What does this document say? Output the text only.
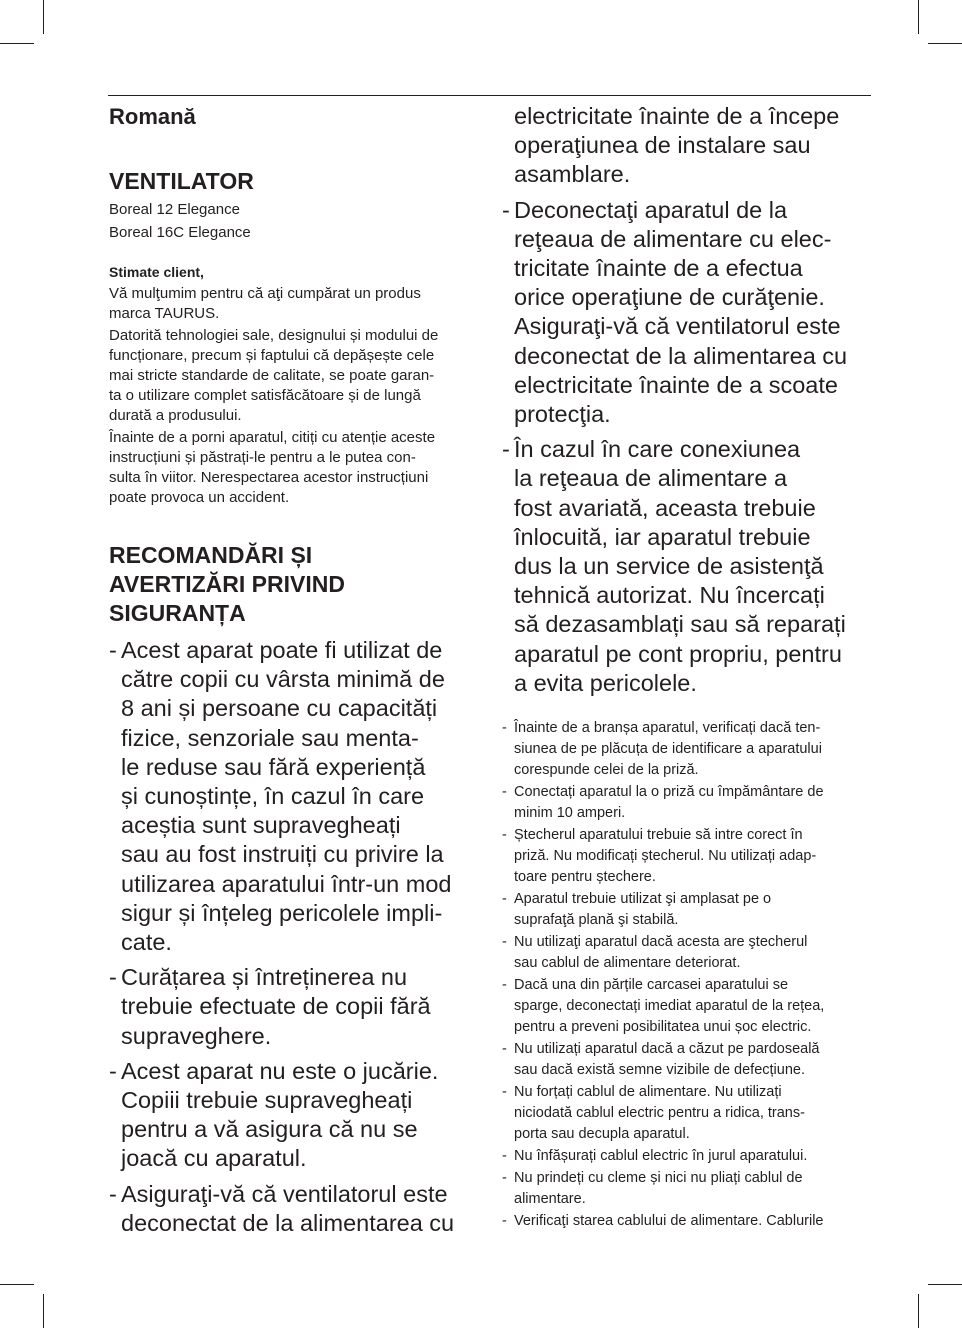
Romană
VENTILATOR
Boreal 12 Elegance
Boreal 16C Elegance
Stimate client,

Vă mulţumim pentru că aţi cumpărat un produs
marca TAURUS.

Datorită tehnologiei sale, designului și modului de
funcționare, precum și faptului că depășește cele
mai stricte standarde de calitate, se poate garan-
ta o utilizare complet satisfăcătoare și de lungă
durată a produsului.

Înainte de a porni aparatul, citiți cu atenție aceste
instrucțiuni și păstrați-le pentru a le putea con-
sulta în viitor. Nerespectarea acestor instrucțiuni
poate provoca un accident.

RECOMANDĂRI ȘI
AVERTIZĂRI PRIVIND
SIGURANȚA
- Acest aparat poate fi utilizat de
către copii cu vârsta minimă de
8 ani și persoane cu capacități
fizice, senzoriale sau menta-
le reduse sau fără experiență
și cunoștințe, în cazul în care
aceștia sunt supravegheați
sau au fost instruiți cu privire la
utilizarea aparatului într-un mod
sigur și înțeleg pericolele impli-
cate.
- Curățarea și întreținerea nu
trebuie efectuate de copii fără
supraveghere.
- Acest aparat nu este o jucărie.
Copiii trebuie supravegheați
pentru a vă asigura că nu se
joacă cu aparatul.
- Asiguraţi-vă că ventilatorul este
deconectat de la alimentarea cu
electricitate înainte de a începe
operaţiunea de instalare sau
asamblare.
- Deconectaţi aparatul de la
reţeaua de alimentare cu elec-
tricitate înainte de a efectua
orice operaţiune de curăţenie.
Asiguraţi-vă că ventilatorul este
deconectat de la alimentarea cu
electricitate înainte de a scoate
protecţia.
- În cazul în care conexiunea
la reţeaua de alimentare a
fost avariată, aceasta trebuie
înlocuită, iar aparatul trebuie
dus la un service de asistenţă
tehnică autorizat. Nu încercați
să dezasamblați sau să reparați
aparatul pe cont propriu, pentru
a evita pericolele.
- Înainte de a branșa aparatul, verificați dacă ten-
siunea de pe plăcuța de identificare a aparatului
corespunde celei de la priză.
- Conectați aparatul la o priză cu împământare de
minim 10 amperi.
- Ștecherul aparatului trebuie să intre corect în
priză. Nu modificați ștecherul. Nu utilizați adap-
toare pentru ștechere.
- Aparatul trebuie utilizat şi amplasat pe o
suprafaţă plană şi stabilă.
- Nu utilizaţi aparatul dacă acesta are ştecherul
sau cablul de alimentare deteriorat.
- Dacă una din părțile carcasei aparatului se
sparge, deconectați imediat aparatul de la rețea,
pentru a preveni posibilitatea unui șoc electric.
- Nu utilizați aparatul dacă a căzut pe pardoseală
sau dacă există semne vizibile de defecțiune.
- Nu forțați cablul de alimentare. Nu utilizați
niciodată cablul electric pentru a ridica, trans-
porta sau decupla aparatul.
- Nu înfășurați cablul electric în jurul aparatului.
- Nu prindeți cu cleme și nici nu pliați cablul de
alimentare.
- Verificaţi starea cablului de alimentare. Cablurile
